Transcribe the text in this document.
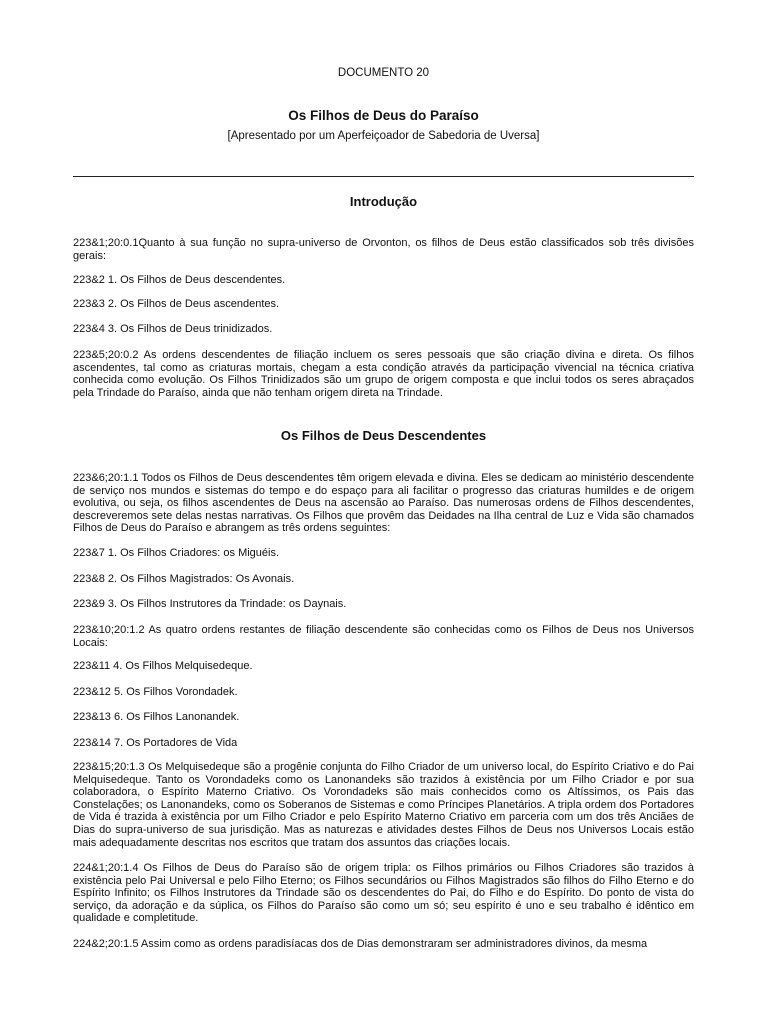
DOCUMENTO 20
Os Filhos de Deus do Paraíso
[Apresentado por um Aperfeiçoador de Sabedoria de Uversa]
Introdução

223&1;20:0.1Quanto à sua função no supra-universo de Orvonton, os filhos de Deus estão classificados sob três divisões gerais:

223&2 1. Os Filhos de Deus descendentes.

223&3 2. Os Filhos de Deus ascendentes.

223&4 3. Os Filhos de Deus trinidizados.

223&5;20:0.2 As ordens descendentes de filiação incluem os seres pessoais que são criação divina e direta. Os filhos ascendentes, tal como as criaturas mortais, chegam a esta condição através da participação vivencial na técnica criativa conhecida como evolução. Os Filhos Trinidizados são um grupo de origem composta e que inclui todos os seres abraçados pela Trindade do Paraíso, ainda que não tenham origem direta na Trindade.

Os Filhos de Deus Descendentes

223&6;20:1.1 Todos os Filhos de Deus descendentes têm origem elevada e divina. Eles se dedicam ao ministério descendente de serviço nos mundos e sistemas do tempo e do espaço para ali facilitar o progresso das criaturas humildes e de origem evolutiva, ou seja, os filhos ascendentes de Deus na ascensão ao Paraíso. Das numerosas ordens de Filhos descendentes, descreveremos sete delas nestas narrativas. Os Filhos que provêm das Deidades na Ilha central de Luz e Vida são chamados Filhos de Deus do Paraíso e abrangem as três ordens seguintes:

223&7 1. Os Filhos Criadores: os Miguéis.

223&8 2. Os Filhos Magistrados: Os Avonais.

223&9 3. Os Filhos Instrutores da Trindade: os Daynais.

223&10;20:1.2 As quatro ordens restantes de filiação descendente são conhecidas como os Filhos de Deus nos Universos Locais:

223&11 4. Os Filhos Melquisedeque.

223&12 5. Os Filhos Vorondadek.

223&13 6. Os Filhos Lanonandek.

223&14 7. Os Portadores de Vida

223&15;20:1.3 Os Melquisedeque são a progênie conjunta do Filho Criador de um universo local, do Espírito Criativo e do Pai Melquisedeque. Tanto os Vorondadeks como os Lanonandeks são trazidos à existência por um Filho Criador e por sua colaboradora, o Espírito Materno Criativo. Os Vorondadeks são mais conhecidos como os Altíssimos, os Pais das Constelações; os Lanonandeks, como os Soberanos de Sistemas e como Príncipes Planetários. A tripla ordem dos Portadores de Vida é trazida à existência por um Filho Criador e pelo Espírito Materno Criativo em parceria com um dos três Anciães de Dias do supra-universo de sua jurisdição. Mas as naturezas e atividades destes Filhos de Deus nos Universos Locais estão mais adequadamente descritas nos escritos que tratam dos assuntos das criações locais.

224&1;20:1.4 Os Filhos de Deus do Paraíso são de origem tripla: os Filhos primários ou Filhos Criadores são trazidos à existência pelo Pai Universal e pelo Filho Eterno; os Filhos secundários ou Filhos Magistrados são filhos do Filho Eterno e do Espírito Infinito; os Filhos Instrutores da Trindade são os descendentes do Pai, do Filho e do Espírito. Do ponto de vista do serviço, da adoração e da súplica, os Filhos do Paraíso são como um só; seu espírito é uno e seu trabalho é idêntico em qualidade e completitude.

224&2;20:1.5 Assim como as ordens paradisíacas dos de Dias demonstraram ser administradores divinos, da mesma
